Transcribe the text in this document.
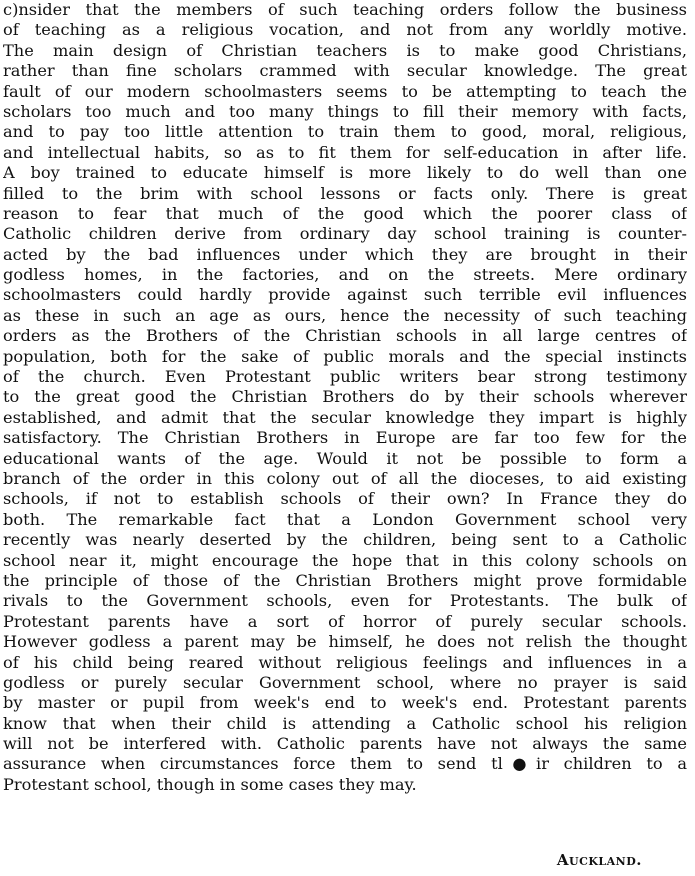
c)nsider that the members of such teaching orders follow the business
of teaching as a religious vocation, and not from any worldly motive.
The main design of Christian teachers is to make good Christians,
rather than fine scholars crammed with secular knowledge. The great
fault of our modern schoolmasters seems to be attempting to teach the
scholars too much and too many things to fill their memory with facts,
and to pay too little attention to train them to good, moral, religious,
and intellectual habits, so as to fit them for self-education in after life.
A boy trained to educate himself is more likely to do well than one
filled to the brim with school lessons or facts only. There is great
reason to fear that much of the good which the poorer class of
Catholic children derive from ordinary day school training is counter-
acted by the bad influences under which they are brought in their
godless homes, in the factories, and on the streets. Mere ordinary
schoolmasters could hardly provide against such terrible evil influences
as these in such an age as ours, hence the necessity of such teaching
orders as the Brothers of the Christian schools in all large centres of
population, both for the sake of public morals and the special instincts
of the church. Even Protestant public writers bear strong testimony
to the great good the Christian Brothers do by their schools wherever
established, and admit that the secular knowledge they impart is highly
satisfactory. The Christian Brothers in Europe are far too few for the
educational wants of the age. Would it not be possible to form a
branch of the order in this colony out of all the dioceses, to aid existing
schools, if not to establish schools of their own? In France they do
both. The remarkable fact that a London Government school very
recently was nearly deserted by the children, being sent to a Catholic
school near it, might encourage the hope that in this colony schools on
the principle of those of the Christian Brothers might prove formidable
rivals to the Government schools, even for Protestants. The bulk of
Protestant parents have a sort of horror of purely secular schools.
However godless a parent may be himself, he does not relish the thought
of his child being reared without religious feelings and influences in a
godless or purely secular Government school, where no prayer is said
by master or pupil from week's end to week's end. Protestant parents
know that when their child is attending a Catholic school his religion
will not be interfered with. Catholic parents have not always the same
assurance when circumstances force them to send tl●ir children to a
Protestant school, though in some cases they may.
Auckland.
